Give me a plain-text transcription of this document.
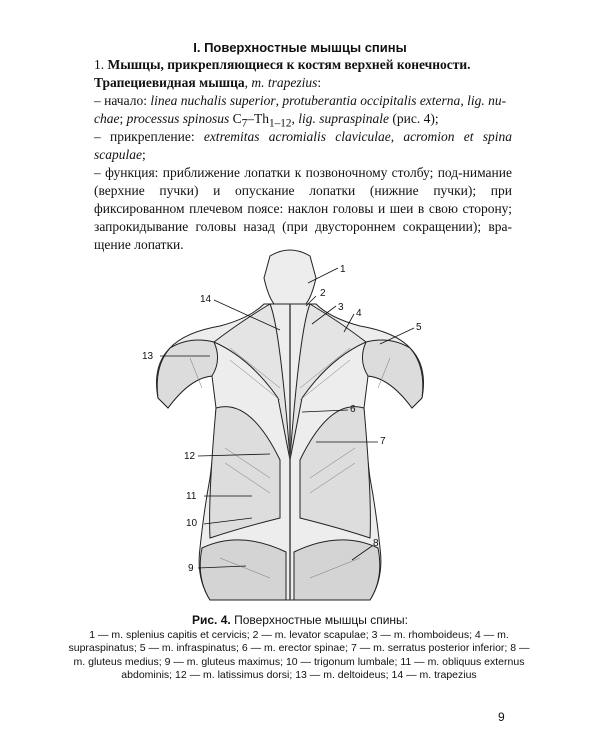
I. Поверхностные мышцы спины
1. Мышцы, прикрепляющиеся к костям верхней конечности.
Трапециевидная мышца, m. trapezius:
– начало: linea nuchalis superior, protuberantia occipitalis externa, lig. nu-
chae; processus spinosus $C_7-Th_{1-12}$, lig. supraspinale (рис. 4);
– прикрепление: extremitas acromialis claviculae, acromion et spina scapulae;
– функция: приближение лопатки к позвоночному столбу; под-нимание (верхние пучки) и опускание лопатки (нижние пучки); при фиксированном плечевом поясе: наклон головы и шеи в свою сторону; запрокидывание головы назад (при двустороннем сокращении); вра-щение лопатки.
1
2
3
4
5
6
7
8
9
10
11
12
13
14
Рис. 4. Поверхностные мышцы спины:
1 — m. splenius capitis et cervicis; 2 — m. levator scapulae; 3 — m. rhomboideus; 4 — m. supraspinatus; 5 — m. infraspinatus; 6 — m. erector spinae; 7 — m. serratus posterior inferior; 8 — m. gluteus medius; 9 — m. gluteus maximus; 10 — trigonum lumbale; 11 — m. obliquus externus abdominis; 12 — m. latissimus dorsi; 13 — m. deltoideus; 14 — m. trapezius
9
